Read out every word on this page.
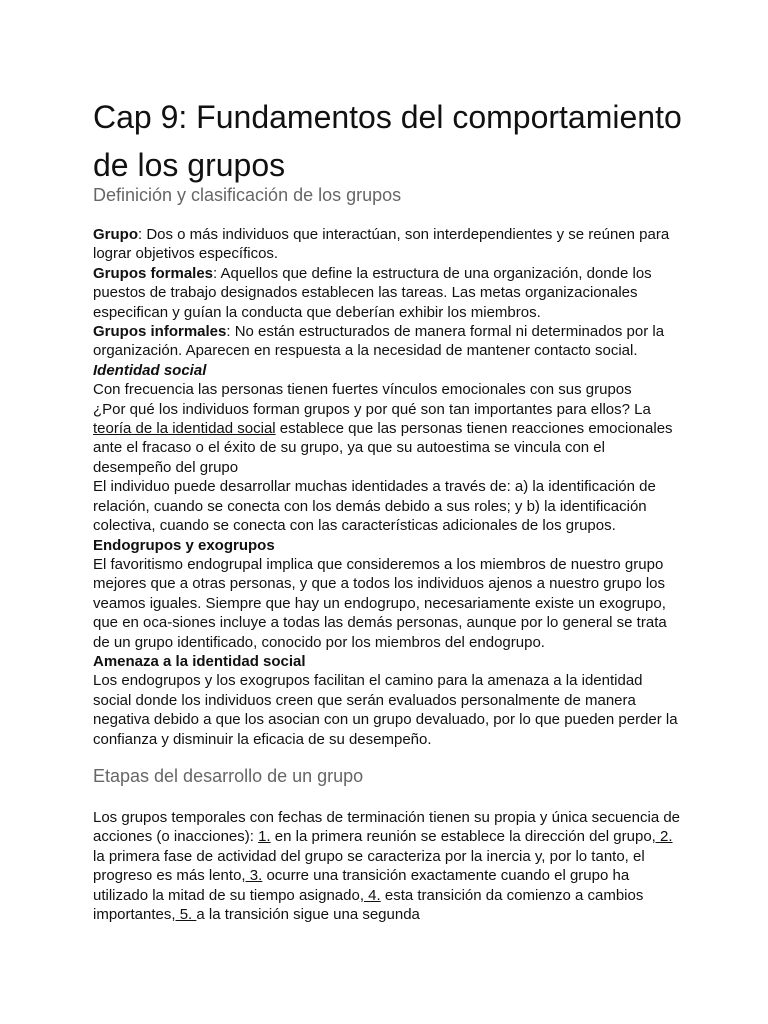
Cap 9: Fundamentos del comportamiento de los grupos
Definición y clasificación de los grupos

Grupo: Dos o más individuos que interactúan, son interdependientes y se reúnen para lograr objetivos específicos.

Grupos formales: Aquellos que define la estructura de una organización, donde los puestos de trabajo designados establecen las tareas. Las metas organizacionales especifican y guían la conducta que deberían exhibir los miembros.

Grupos informales: No están estructurados de manera formal ni determinados por la organización. Aparecen en respuesta a la necesidad de mantener contacto social.

Identidad social

Con frecuencia las personas tienen fuertes vínculos emocionales con sus grupos

¿Por qué los individuos forman grupos y por qué son tan importantes para ellos? La teoría de la identidad social establece que las personas tienen reacciones emocionales ante el fracaso o el éxito de su grupo, ya que su autoestima se vincula con el desempeño del grupo

El individuo puede desarrollar muchas identidades a través de: a) la identificación de relación, cuando se conecta con los demás debido a sus roles; y b) la identificación colectiva, cuando se conecta con las características adicionales de los grupos.

Endogrupos y exogrupos

El favoritismo endogrupal implica que consideremos a los miembros de nuestro grupo mejores que a otras personas, y que a todos los individuos ajenos a nuestro grupo los veamos iguales. Siempre que hay un endogrupo, necesariamente existe un exogrupo, que en oca-siones incluye a todas las demás personas, aunque por lo general se trata de un grupo identificado, conocido por los miembros del endogrupo.

Amenaza a la identidad social

Los endogrupos y los exogrupos facilitan el camino para la amenaza a la identidad social donde los individuos creen que serán evaluados personalmente de manera negativa debido a que los asocian con un grupo devaluado, por lo que pueden perder la confianza y disminuir la eficacia de su desempeño.

Etapas del desarrollo de un grupo

Los grupos temporales con fechas de terminación tienen su propia y única secuencia de acciones (o inacciones): 1. en la primera reunión se establece la dirección del grupo, 2. la primera fase de actividad del grupo se caracteriza por la inercia y, por lo tanto, el progreso es más lento, 3. ocurre una transición exactamente cuando el grupo ha utilizado la mitad de su tiempo asignado, 4. esta transición da comienzo a cambios importantes, 5. a la transición sigue una segunda
